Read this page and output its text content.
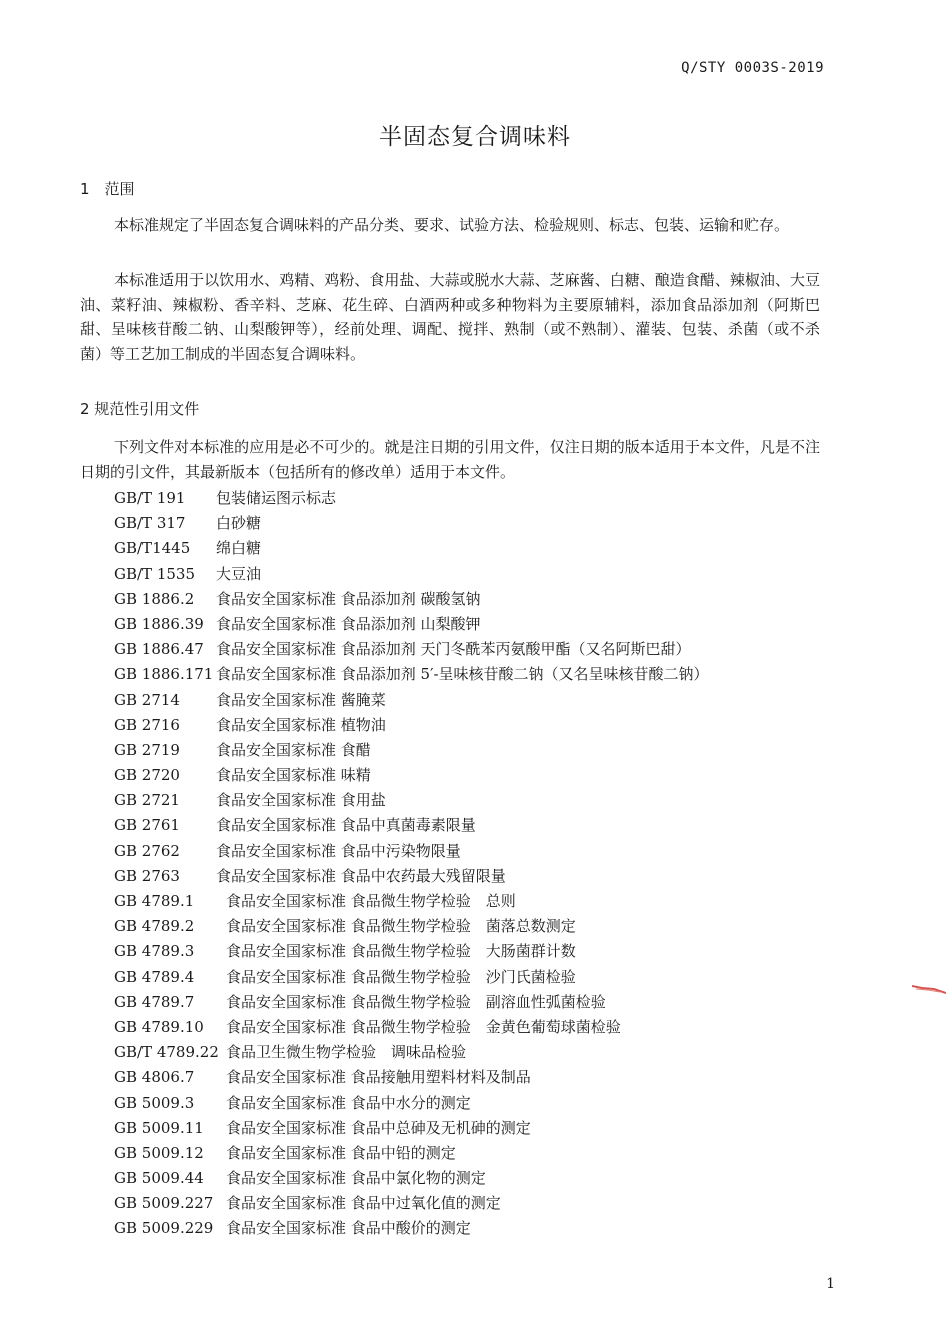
Q/STY 0003S-2019
半固态复合调味料
1　范围

本标准规定了半固态复合调味料的产品分类、要求、试验方法、检验规则、标志、包装、运输和贮存。

本标准适用于以饮用水、鸡精、鸡粉、食用盐、大蒜或脱水大蒜、芝麻酱、白糖、酿造食醋、辣椒油、大豆油、菜籽油、辣椒粉、香辛料、芝麻、花生碎、白酒两种或多种物料为主要原辅料，添加食品添加剂（阿斯巴甜、呈味核苷酸二钠、山梨酸钾等），经前处理、调配、搅拌、熟制（或不熟制）、灌装、包装、杀菌（或不杀菌）等工艺加工制成的半固态复合调味料。

2 规范性引用文件

下列文件对本标准的应用是必不可少的。就是注日期的引用文件，仅注日期的版本适用于本文件，凡是不注日期的引文件，其最新版本（包括所有的修改单）适用于本文件。

GB/T 191	包装储运图示标志
GB/T 317	白砂糖
GB/T1445	绵白糖
GB/T 1535	大豆油
GB 1886.2	食品安全国家标准 食品添加剂 碳酸氢钠
GB 1886.39 食品安全国家标准 食品添加剂 山梨酸钾
GB 1886.47 食品安全国家标准 食品添加剂 天门冬酰苯丙氨酸甲酯（又名阿斯巴甜）
GB 1886.171 食品安全国家标准 食品添加剂 5′-呈味核苷酸二钠（又名呈味核苷酸二钠）
GB 2714	食品安全国家标准 酱腌菜
GB 2716	食品安全国家标准 植物油
GB 2719	食品安全国家标准 食醋
GB 2720	食品安全国家标准 味精
GB 2721	食品安全国家标准 食用盐
GB 2761	食品安全国家标准 食品中真菌毒素限量
GB 2762	食品安全国家标准 食品中污染物限量
GB 2763	食品安全国家标准 食品中农药最大残留限量
GB 4789.1	食品安全国家标准 食品微生物学检验　总则
GB 4789.2	食品安全国家标准 食品微生物学检验　菌落总数测定
GB 4789.3	食品安全国家标准 食品微生物学检验　大肠菌群计数
GB 4789.4	食品安全国家标准 食品微生物学检验　沙门氏菌检验
GB 4789.7	食品安全国家标准 食品微生物学检验　副溶血性弧菌检验
GB 4789.10	食品安全国家标准 食品微生物学检验　金黄色葡萄球菌检验
GB/T 4789.22 食品卫生微生物学检验　调味品检验
GB 4806.7	食品安全国家标准 食品接触用塑料材料及制品
GB 5009.3	食品安全国家标准 食品中水分的测定
GB 5009.11	食品安全国家标准 食品中总砷及无机砷的测定
GB 5009.12	食品安全国家标准 食品中铅的测定
GB 5009.44	食品安全国家标准 食品中氯化物的测定
GB 5009.227 食品安全国家标准 食品中过氧化值的测定
GB 5009.229 食品安全国家标准 食品中酸价的测定
1
